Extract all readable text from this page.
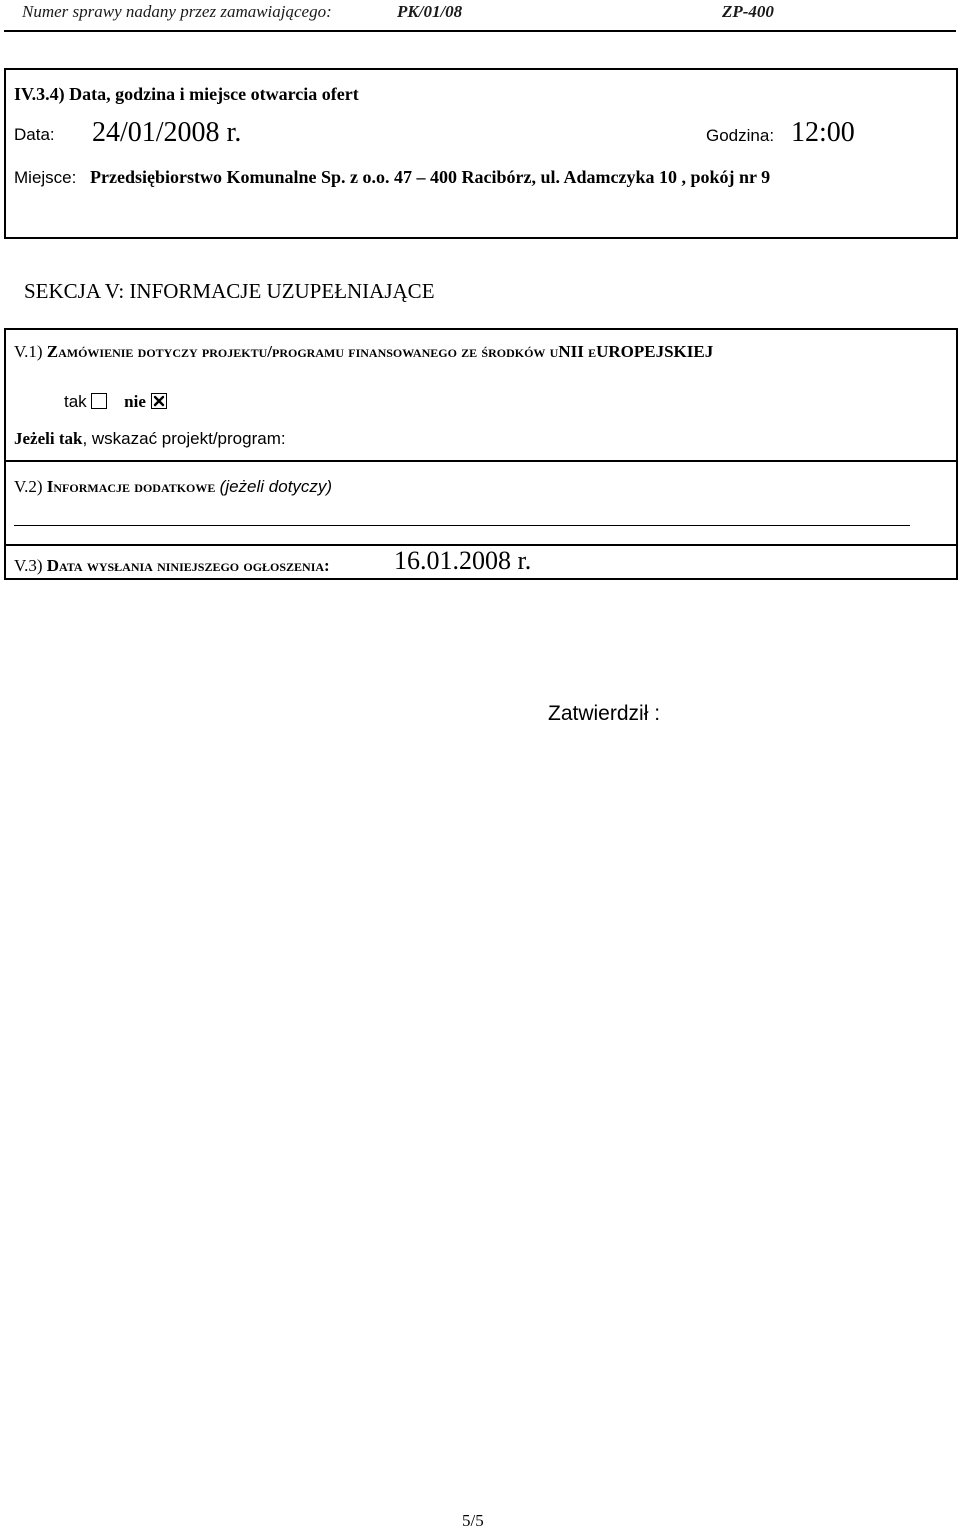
Numer sprawy nadany przez zamawiającego:	PK/01/08	ZP-400
IV.3.4) Data, godzina i miejsce otwarcia ofert
Data: 24/01/2008 r.	Godzina: 12:00
Miejsce: Przedsiębiorstwo Komunalne Sp. z o.o. 47 – 400 Racibórz, ul. Adamczyka 10 , pokój nr 9
SEKCJA V: INFORMACJE UZUPEŁNIAJĄCE
V.1) Zamówienie dotyczy projektu/programu finansowanego ze środków uNII eUROPEJSKIEJ
tak nie
Jeżeli tak, wskazać projekt/program:
V.2) Informacje dodatkowe (jeżeli dotyczy)
V.3) Data wysłania niniejszego ogłoszenia: 16.01.2008 r.
Zatwierdził :
5/5
